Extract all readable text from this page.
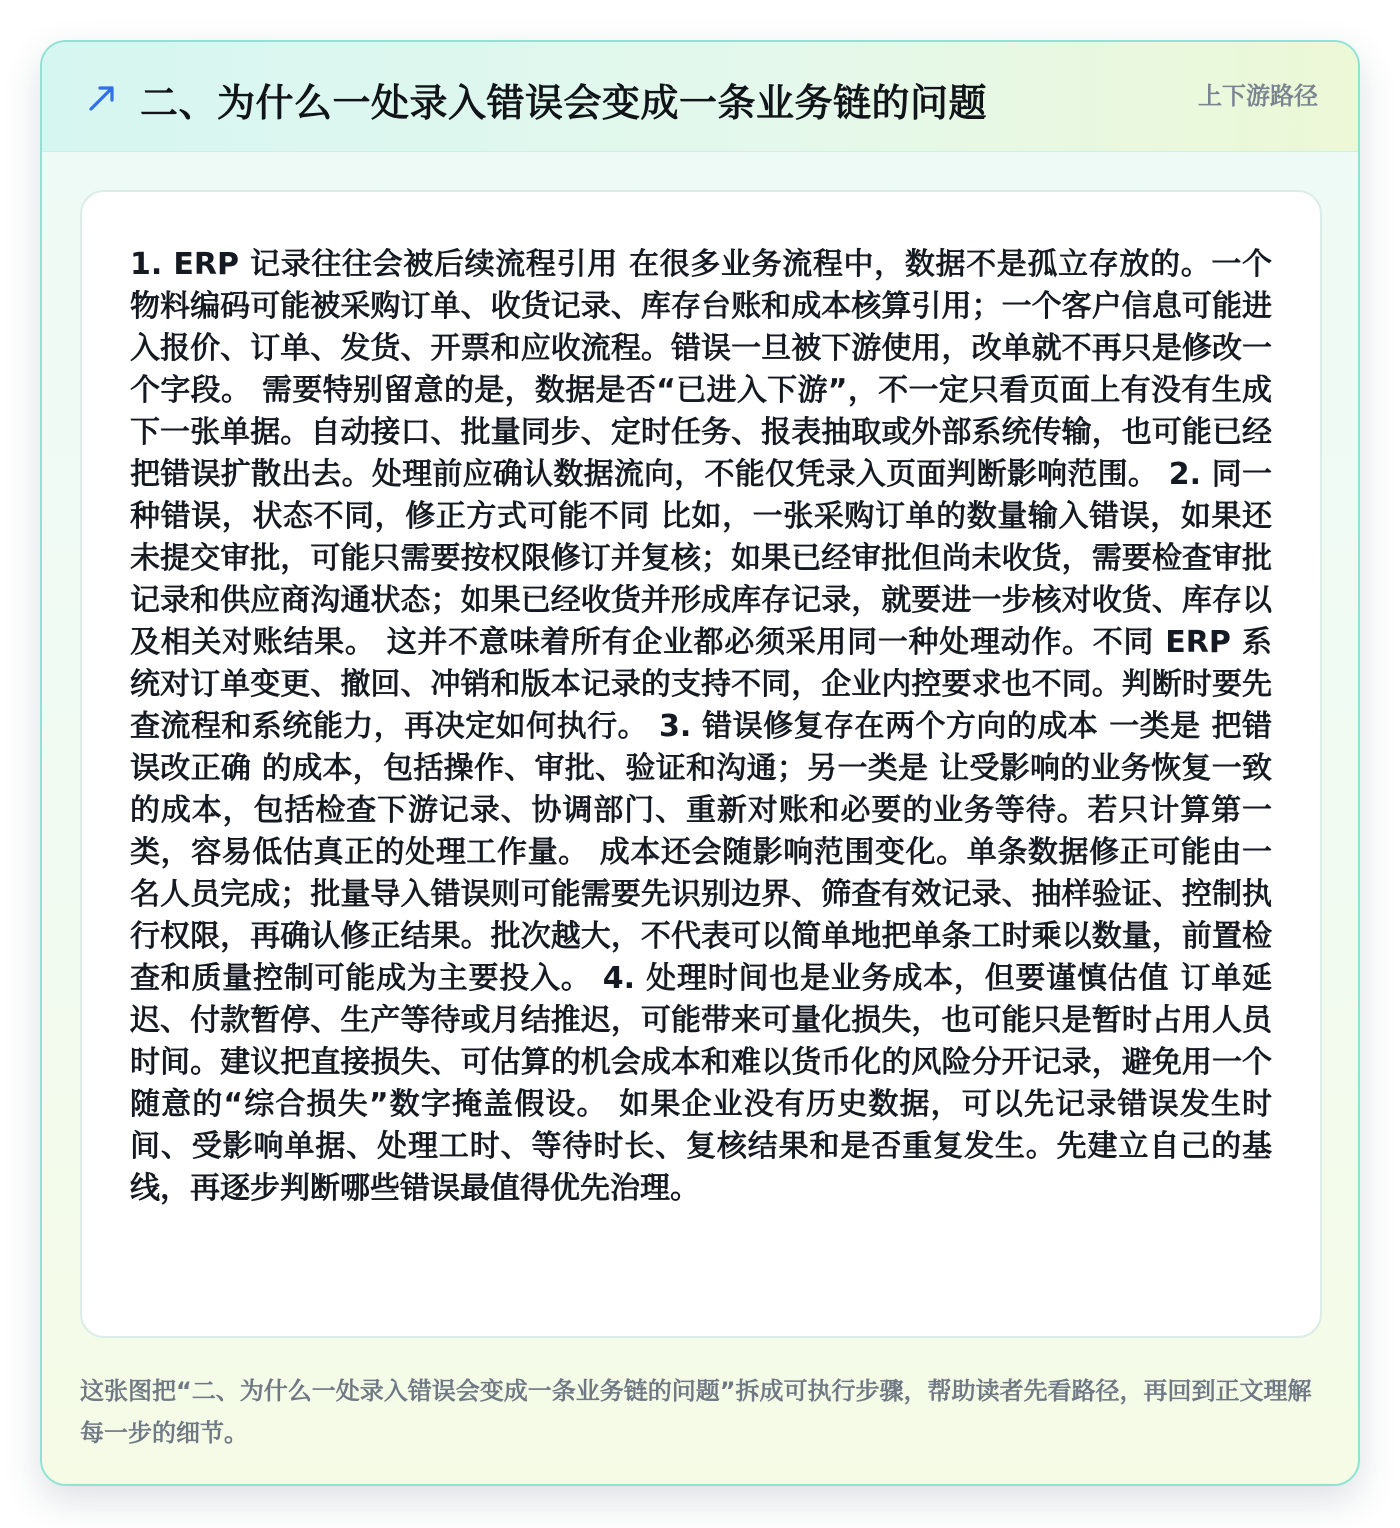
二、为什么一处录入错误会变成一条业务链的问题	上下游路径

1. ERP 记录往往会被后续流程引用 在很多业务流程中，数据不是孤立存放的。一个物料编码可能被采购订单、收货记录、库存台账和成本核算引用；一个客户信息可能进入报价、订单、发货、开票和应收流程。错误一旦被下游使用，改单就不再只是修改一个字段。 需要特别留意的是，数据是否“已进入下游”，不一定只看页面上有没有生成下一张单据。自动接口、批量同步、定时任务、报表抽取或外部系统传输，也可能已经把错误扩散出去。处理前应确认数据流向，不能仅凭录入页面判断影响范围。 2. 同一种错误，状态不同，修正方式可能不同 比如，一张采购订单的数量输入错误，如果还未提交审批，可能只需要按权限修订并复核；如果已经审批但尚未收货，需要检查审批记录和供应商沟通状态；如果已经收货并形成库存记录，就要进一步核对收货、库存以及相关对账结果。 这并不意味着所有企业都必须采用同一种处理动作。不同 ERP 系统对订单变更、撤回、冲销和版本记录的支持不同，企业内控要求也不同。判断时要先查流程和系统能力，再决定如何执行。 3. 错误修复存在两个方向的成本 一类是 把错误改正确 的成本，包括操作、审批、验证和沟通；另一类是 让受影响的业务恢复一致 的成本，包括检查下游记录、协调部门、重新对账和必要的业务等待。若只计算第一类，容易低估真正的处理工作量。 成本还会随影响范围变化。单条数据修正可能由一名人员完成；批量导入错误则可能需要先识别边界、筛查有效记录、抽样验证、控制执行权限，再确认修正结果。批次越大，不代表可以简单地把单条工时乘以数量，前置检查和质量控制可能成为主要投入。 4. 处理时间也是业务成本，但要谨慎估值 订单延迟、付款暂停、生产等待或月结推迟，可能带来可量化损失，也可能只是暂时占用人员时间。建议把直接损失、可估算的机会成本和难以货币化的风险分开记录，避免用一个随意的“综合损失”数字掩盖假设。 如果企业没有历史数据，可以先记录错误发生时间、受影响单据、处理工时、等待时长、复核结果和是否重复发生。先建立自己的基线，再逐步判断哪些错误最值得优先治理。

这张图把“二、为什么一处录入错误会变成一条业务链的问题”拆成可执行步骤，帮助读者先看路径，再回到正文理解每一步的细节。
